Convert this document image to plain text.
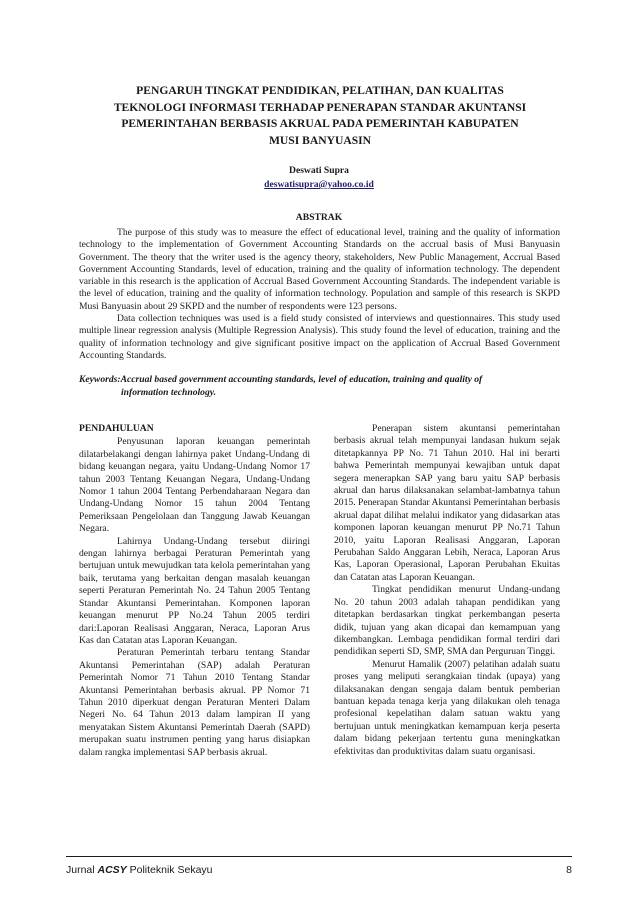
PENGARUH TINGKAT PENDIDIKAN, PELATIHAN, DAN KUALITAS
TEKNOLOGI INFORMASI TERHADAP PENERAPAN STANDAR AKUNTANSI
PEMERINTAHAN BERBASIS AKRUAL PADA PEMERINTAH KABUPATEN
MUSI BANYUASIN
Deswati Supra
deswatisupra@yahoo.co.id
ABSTRAK

The purpose of this study was to measure the effect of educational level, training and the quality of information technology to the implementation of Government Accounting Standards on the accrual basis of Musi Banyuasin Government. The theory that the writer used is the agency theory, stakeholders, New Public Management, Accrual Based Government Accounting Standards, level of education, training and the quality of information technology. The dependent variable in this research is the application of Accrual Based Government Accounting Standards. The independent variable is the level of education, training and the quality of information technology. Population and sample of this research is SKPD Musi Banyuasin about 29 SKPD and the number of respondents were 123 persons.

Data collection techniques was used is a field study consisted of interviews and questionnaires. This study used multiple linear regression analysis (Multiple Regression Analysis). This study found the level of education, training and the quality of information technology and give significant positive impact on the application of Accrual Based Government Accounting Standards.

Keywords:Accrual based government accounting standards, level of education, training and quality of
information technology.

PENDAHULUAN

Penyusunan laporan keuangan pemerintah dilatarbelakangi dengan lahirnya paket Undang-Undang di bidang keuangan negara, yaitu Undang-Undang Nomor 17 tahun 2003 Tentang Keuangan Negara, Undang-Undang Nomor 1 tahun 2004 Tentang Perbendaharaan Negara dan Undang-Undang Nomor 15 tahun 2004 Tentang Pemeriksaan Pengelolaan dan Tanggung Jawab Keuangan Negara.

Lahirnya Undang-Undang tersebut diiringi dengan lahirnya berbagai Peraturan Pemerintah yang bertujuan untuk mewujudkan tata kelola pemerintahan yang baik, terutama yang berkaitan dengan masalah keuangan seperti Peraturan Pemerintah No. 24 Tahun 2005 Tentang Standar Akuntansi Pemerintahan. Komponen laporan keuangan menurut PP No.24 Tahun 2005 terdiri dari:Laporan Realisasi Anggaran, Neraca, Laporan Arus Kas dan Catatan atas Laporan Keuangan.

Peraturan Pemerintah terbaru tentang Standar Akuntansi Pemerintahan (SAP) adalah Peraturan Pemerintah Nomor 71 Tahun 2010 Tentang Standar Akuntansi Pemerintahan berbasis akrual. PP Nomor 71 Tahun 2010 diperkuat dengan Peraturan Menteri Dalam Negeri No. 64 Tahun 2013 dalam lampiran II yang menyatakan Sistem Akuntansi Pemerintah Daerah (SAPD) merupakan suatu instrumen penting yang harus disiapkan dalam rangka implementasi SAP berbasis akrual.

Penerapan sistem akuntansi pemerintahan berbasis akrual telah mempunyai landasan hukum sejak ditetapkannya PP No. 71 Tahun 2010. Hal ini berarti bahwa Pemerintah mempunyai kewajiban untuk dapat segera menerapkan SAP yang baru yaitu SAP berbasis akrual dan harus dilaksanakan selambat-lambatnya tahun 2015. Penerapan Standar Akuntansi Pemerintahan berbasis akrual dapat dilihat melalui indikator yang didasarkan atas komponen laporan keuangan menurut PP No.71 Tahun 2010, yaitu Laporan Realisasi Anggaran, Laporan Perubahan Saldo Anggaran Lebih, Neraca, Laporan Arus Kas, Laporan Operasional, Laporan Perubahan Ekuitas dan Catatan atas Laporan Keuangan.

Tingkat pendidikan menurut Undang-undang No. 20 tahun 2003 adalah tahapan pendidikan yang ditetapkan berdasarkan tingkat perkembangan peserta didik, tujuan yang akan dicapai dan kemampuan yang dikembangkan. Lembaga pendidikan formal terdiri dari pendidikan seperti SD, SMP, SMA dan Perguruan Tinggi.

Menurut Hamalik (2007) pelatihan adalah suatu proses yang meliputi serangkaian tindak (upaya) yang dilaksanakan dengan sengaja dalam bentuk pemberian bantuan kepada tenaga kerja yang dilakukan oleh tenaga profesional kepelatihan dalam satuan waktu yang bertujuan untuk meningkatkan kemampuan kerja peserta dalam bidang pekerjaan tertentu guna meningkatkan efektivitas dan produktivitas dalam suatu organisasi.

Jurnal ACSY Politeknik Sekayu	8
